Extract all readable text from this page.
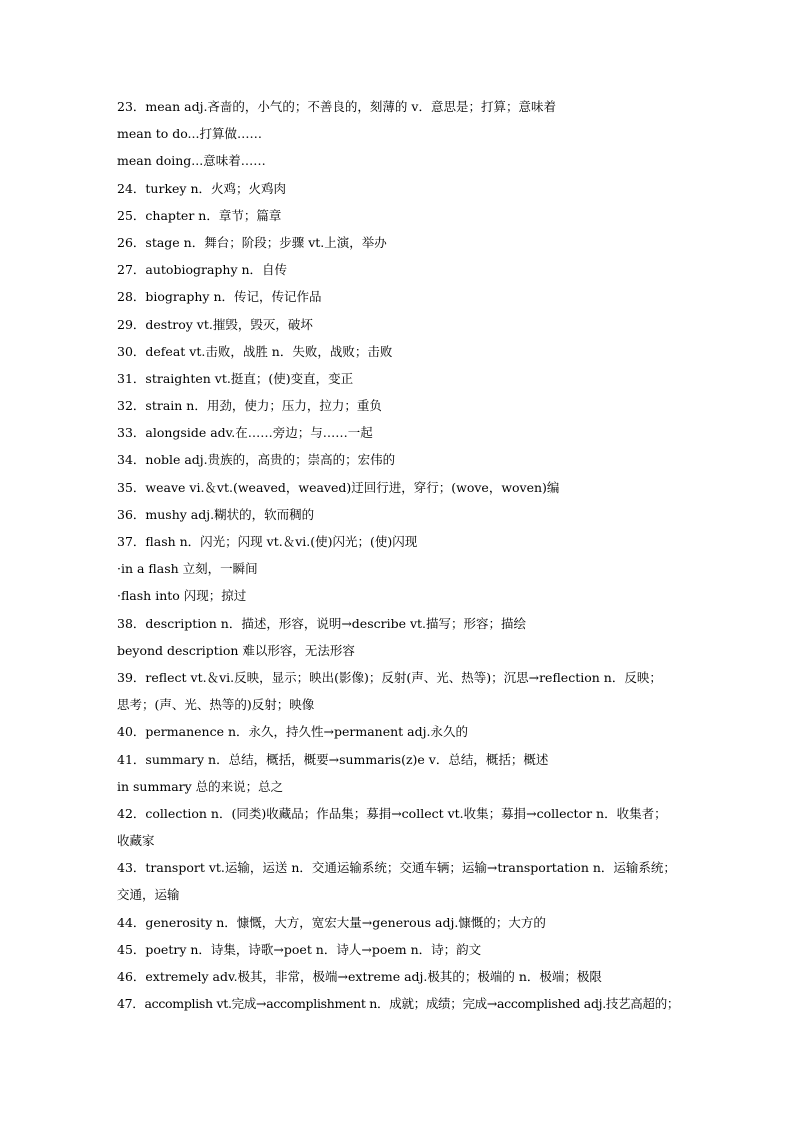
23．mean adj.吝啬的，小气的；不善良的，刻薄的 v．意思是；打算；意味着
mean to do...打算做……
mean doing...意味着……
24．turkey n．火鸡；火鸡肉
25．chapter n．章节；篇章
26．stage n．舞台；阶段；步骤 vt.上演，举办
27．autobiography n．自传
28．biography n．传记，传记作品
29．destroy vt.摧毁，毁灭，破坏
30．defeat vt.击败，战胜 n．失败，战败；击败
31．straighten vt.挺直；(使)变直，变正
32．strain n．用劲，使力；压力，拉力；重负
33．alongside adv.在……旁边；与……一起
34．noble adj.贵族的，高贵的；崇高的；宏伟的
35．weave vi.＆vt.(weaved，weaved)迂回行进，穿行；(wove，woven)编
36．mushy adj.糊状的，软而稠的
37．flash n．闪光；闪现 vt.＆vi.(使)闪光；(使)闪现
·in a flash 立刻，一瞬间
·flash into 闪现；掠过
38．description n．描述，形容，说明→describe vt.描写；形容；描绘
beyond description 难以形容，无法形容
39．reflect vt.＆vi.反映，显示；映出(影像)；反射(声、光、热等)；沉思→reflection n．反映；
思考；(声、光、热等的)反射；映像
40．permanence n．永久，持久性→permanent adj.永久的
41．summary n．总结，概括，概要→summaris(z)e v．总结，概括；概述
in summary 总的来说；总之
42．collection n．(同类)收藏品；作品集；募捐→collect vt.收集；募捐→collector n．收集者；
收藏家
43．transport vt.运输，运送 n．交通运输系统；交通车辆；运输→transportation n．运输系统；
交通，运输
44．generosity n．慷慨，大方，宽宏大量→generous adj.慷慨的；大方的
45．poetry n．诗集，诗歌→poet n．诗人→poem n．诗；韵文
46．extremely adv.极其，非常，极端→extreme adj.极其的；极端的 n．极端；极限
47．accomplish vt.完成→accomplishment n．成就；成绩；完成→accomplished adj.技艺高超的；
